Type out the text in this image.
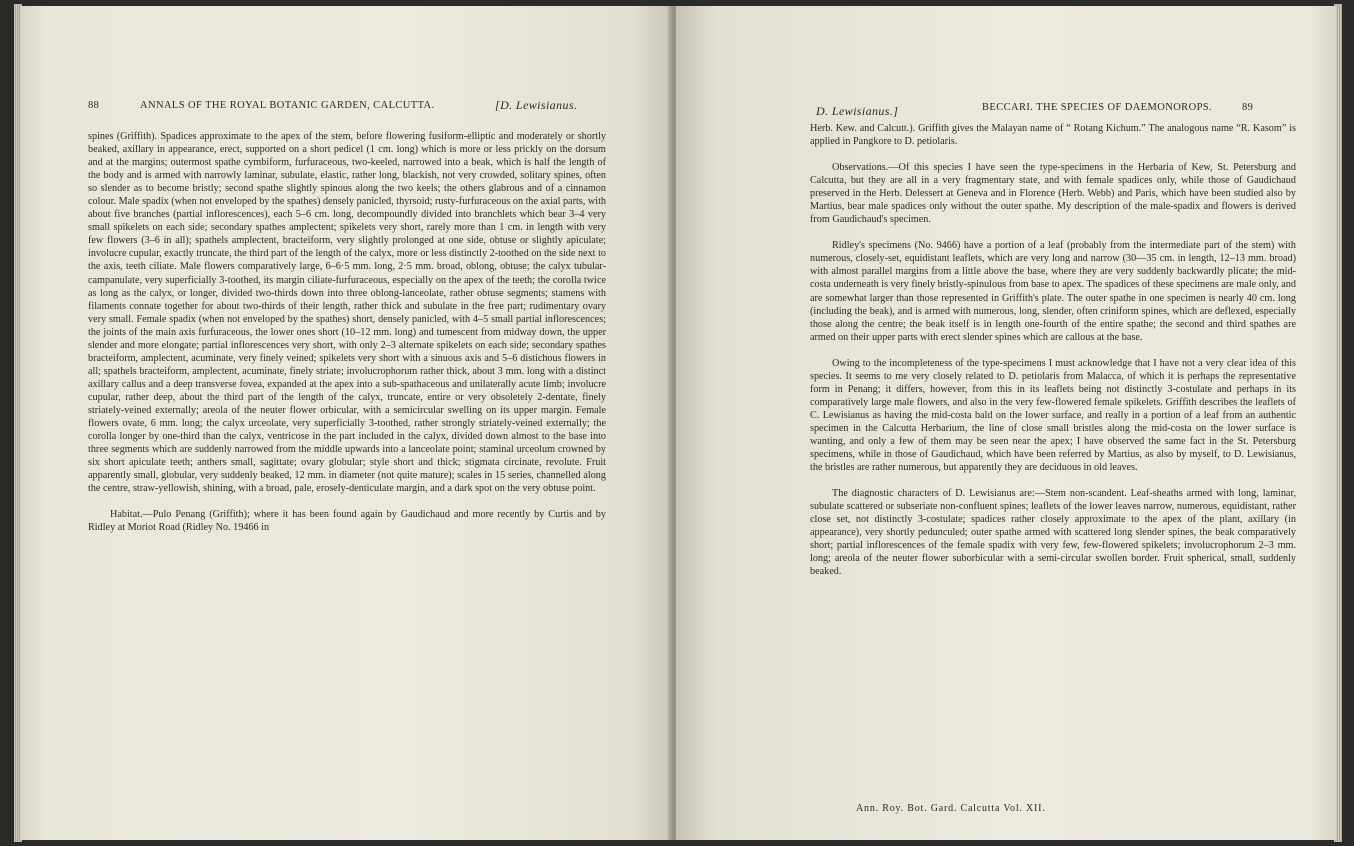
88	ANNALS OF THE ROYAL BOTANIC GARDEN, CALCUTTA.	[D. Lewisianus.

spines (Griffith). Spadices approximate to the apex of the stem, before flowering fusiform-elliptic and moderately or shortly beaked, axillary in appearance, erect, supported on a short pedicel (1 cm. long) which is more or less prickly on the dorsum and at the margins; outermost spathe cymbiform, furfuraceous, two-keeled, narrowed into a beak, which is half the length of the body and is armed with narrowly laminar, subulate, elastic, rather long, blackish, not very crowded, solitary spines, often so slender as to become bristly; second spathe slightly spinous along the two keels; the others glabrous and of a cinnamon colour. Male spadix (when not enveloped by the spathes) densely panicled, thyrsoid; rusty-furfuraceous on the axial parts, with about five branches (partial inflorescences), each 5–6 cm. long, decompoundly divided into branchlets which bear 3–4 very small spikelets on each side; secondary spathes amplectent; spikelets very short, rarely more than 1 cm. in length with very few flowers (3–6 in all); spathels amplectent, bracteiform, very slightly prolonged at one side, obtuse or slightly apiculate; involucre cupular, exactly truncate, the third part of the length of the calyx, more or less distinctly 2-toothed on the side next to the axis, teeth ciliate. Male flowers comparatively large, 6–6·5 mm. long, 2·5 mm. broad, oblong, obtuse; the calyx tubular-campanulate, very superficially 3-toothed, its margin ciliate-furfuraceous, especially on the apex of the teeth; the corolla twice as long as the calyx, or longer, divided two-thirds down into three oblong-lanceolate, rather obtuse segments; stamens with filaments connate together for about two-thirds of their length, rather thick and subulate in the free part; rudimentary ovary very small. Female spadix (when not enveloped by the spathes) short, densely panicled, with 4–5 small partial inflorescences; the joints of the main axis furfuraceous, the lower ones short (10–12 mm. long) and tumescent from midway down, the upper slender and more elongate; partial inflorescences very short, with only 2–3 alternate spikelets on each side; secondary spathes bracteiform, amplectent, acuminate, very finely veined; spikelets very short with a sinuous axis and 5–6 distichous flowers in all; spathels bracteiform, amplectent, acuminate, finely striate; involucrophorum rather thick, about 3 mm. long with a distinct axillary callus and a deep transverse fovea, expanded at the apex into a sub-spathaceous and unilaterally acute limb; involucre cupular, rather deep, about the third part of the length of the calyx, truncate, entire or very obsoletely 2-dentate, finely striately-veined externally; areola of the neuter flower orbicular, with a semicircular swelling on its upper margin. Female flowers ovate, 6 mm. long; the calyx urceolate, very superficially 3-toothed, rather strongly striately-veined externally; the corolla longer by one-third than the calyx, ventricose in the part included in the calyx, divided down almost to the base into three segments which are suddenly narrowed from the middle upwards into a lanceolate point; staminal urceolum crowned by six short apiculate teeth; anthers small, sagittate; ovary globular; style short and thick; stigmata circinate, revolute. Fruit apparently small, globular, very suddenly beaked, 12 mm. in diameter (not quite mature); scales in 15 series, channelled along the centre, straw-yellowish, shining, with a broad, pale, erosely-denticulate margin, and a dark spot on the very obtuse point.

Habitat.—Pulo Penang (Griffith); where it has been found again by Gaudichaud and more recently by Curtis and by Ridley at Moriot Road (Ridley No. 19466 in

D. Lewisianus.]	BECCARI. THE SPECIES OF DAEMONOROPS.	89

Herb. Kew. and Calcutt.). Griffith gives the Malayan name of “ Rotang Kichum.” The analogous name “R. Kasom” is applied in Pangkore to D. petiolaris.

Observations.—Of this species I have seen the type-specimens in the Herbaria of Kew, St. Petersburg and Calcutta, but they are all in a very fragmentary state, and with female spadices only, while those of Gaudichaud preserved in the Herb. Delessert at Geneva and in Florence (Herb. Webb) and Paris, which have been studied also by Martius, bear male spadices only without the outer spathe. My description of the male-spadix and flowers is derived from Gaudichaud's specimen.

Ridley's specimens (No. 9466) have a portion of a leaf (probably from the intermediate part of the stem) with numerous, closely-set, equidistant leaflets, which are very long and narrow (30—35 cm. in length, 12–13 mm. broad) with almost parallel margins from a little above the base, where they are very suddenly backwardly plicate; the mid-costa underneath is very finely bristly-spinulous from base to apex. The spadices of these specimens are male only, and are somewhat larger than those represented in Griffith's plate. The outer spathe in one specimen is nearly 40 cm. long (including the beak), and is armed with numerous, long, slender, often criniform spines, which are deflexed, especially those along the centre; the beak itself is in length one-fourth of the entire spathe; the second and third spathes are armed on their upper parts with erect slender spines which are callous at the base.

Owing to the incompleteness of the type-specimens I must acknowledge that I have not a very clear idea of this species. It seems to me very closely related to D. petiolaris from Malacca, of which it is perhaps the representative form in Penang; it differs, however, from this in its leaflets being not distinctly 3-costulate and perhaps in its comparatively large male flowers, and also in the very few-flowered female spikelets. Griffith describes the leaflets of C. Lewisianus as having the mid-costa bald on the lower surface, and really in a portion of a leaf from an authentic specimen in the Calcutta Herbarium, the line of close small bristles along the mid-costa on the lower surface is wanting, and only a few of them may be seen near the apex; I have observed the same fact in the St. Petersburg specimens, while in those of Gaudichaud, which have been referred by Martius, as also by myself, to D. Lewisianus, the bristles are rather numerous, but apparently they are deciduous in old leaves.

The diagnostic characters of D. Lewisianus are:—Stem non-scandent. Leaf-sheaths armed with long, laminar, subulate scattered or subseriate non-confluent spines; leaflets of the lower leaves narrow, numerous, equidistant, rather close set, not distinctly 3-costulate; spadices rather closely approximate to the apex of the plant, axillary (in appearance), very shortly pedunculed; outer spathe armed with scattered long slender spines, the beak comparatively short; partial inflorescences of the female spadix with very few, few-flowered spikelets; involucrophorum 2–3 mm. long; areola of the neuter flower suborbicular with a semi-circular swollen border. Fruit spherical, small, suddenly beaked.

Ann. Roy. Bot. Gard. Calcutta Vol. XII.
